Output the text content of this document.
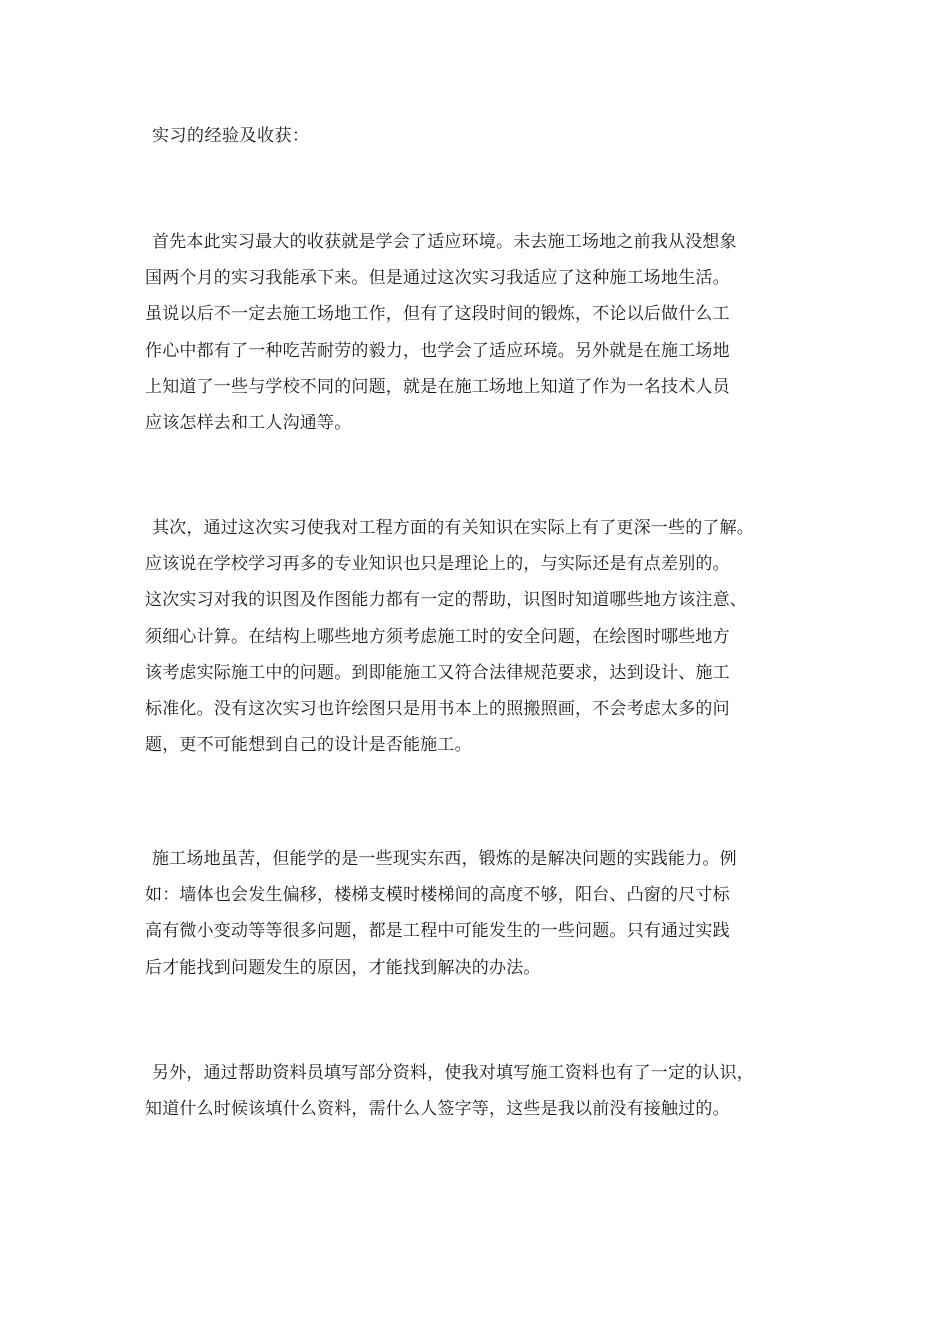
实习的经验及收获：
首先本此实习最大的收获就是学会了适应环境。未去施工场地之前我从没想象
国两个月的实习我能承下来。但是通过这次实习我适应了这种施工场地生活。
虽说以后不一定去施工场地工作，但有了这段时间的锻炼，不论以后做什么工
作心中都有了一种吃苦耐劳的毅力，也学会了适应环境。另外就是在施工场地
上知道了一些与学校不同的问题，就是在施工场地上知道了作为一名技术人员
应该怎样去和工人沟通等。
其次，通过这次实习使我对工程方面的有关知识在实际上有了更深一些的了解。
应该说在学校学习再多的专业知识也只是理论上的，与实际还是有点差别的。
这次实习对我的识图及作图能力都有一定的帮助，识图时知道哪些地方该注意、
须细心计算。在结构上哪些地方须考虑施工时的安全问题，在绘图时哪些地方
该考虑实际施工中的问题。到即能施工又符合法律规范要求，达到设计、施工
标准化。没有这次实习也许绘图只是用书本上的照搬照画，不会考虑太多的问
题，更不可能想到自己的设计是否能施工。
施工场地虽苦，但能学的是一些现实东西，锻炼的是解决问题的实践能力。例
如：墙体也会发生偏移，楼梯支模时楼梯间的高度不够，阳台、凸窗的尺寸标
高有微小变动等等很多问题，都是工程中可能发生的一些问题。只有通过实践
后才能找到问题发生的原因，才能找到解决的办法。
另外，通过帮助资料员填写部分资料，使我对填写施工资料也有了一定的认识，
知道什么时候该填什么资料，需什么人签字等，这些是我以前没有接触过的。
